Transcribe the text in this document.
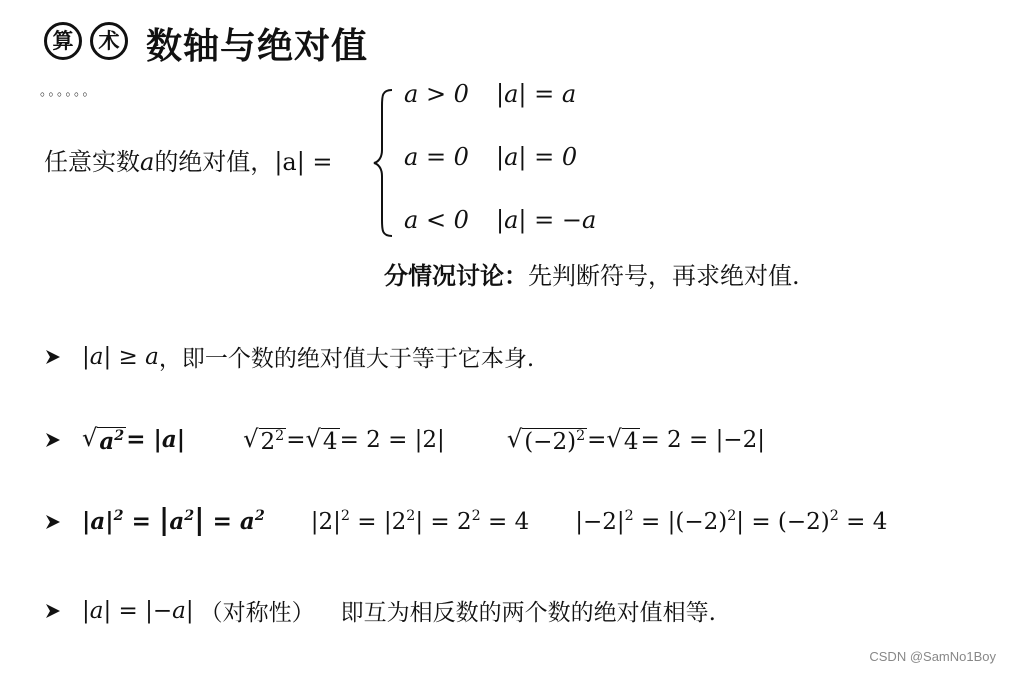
算 术 数轴与绝对值
。。。。。。
任意实数a的绝对值，|a| =
a > 0 |a| = a
a = 0 |a| = 0
a < 0 |a| = −a
分情况讨论：先判断符号，再求绝对值.
|a| ≥ a ，即一个数的绝对值大于等于它本身.
√ $a^2 = |a|$ √ $2^2$ = √ 4 = 2 = |2|	√ $(-2)^2$ = √ 4 = 2 = |−2|
$|a|^2 = |a^2| = a^2$ $|2|^2 = |2^2| = 2^2 = 4$ $|-2|^2 = |(-2)^2| = (-2)^2 = 4$
|a| = |−a| （对称性） 即互为相反数的两个数的绝对值相等.
CSDN @SamNo1Boy
